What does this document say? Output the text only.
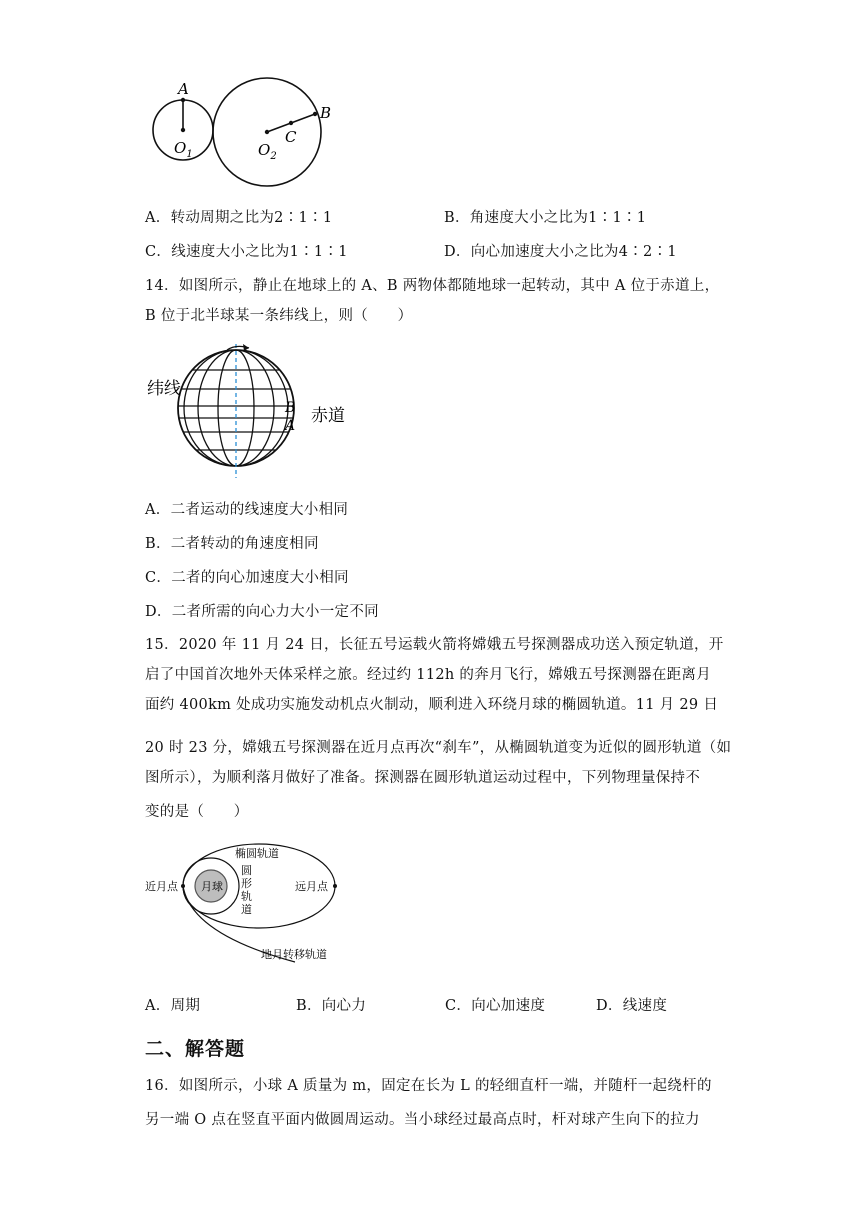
A
$O_1$	$O_2$
C
B
A．转动周期之比为2∶1∶1	B．角速度大小之比为1∶1∶1
C．线速度大小之比为1∶1∶1	D．向心加速度大小之比为4∶2∶1
14．如图所示，静止在地球上的 A、B 两物体都随地球一起转动，其中 A 位于赤道上，
B 位于北半球某一条纬线上，则（　　）
纬线
赤道
B
A
A．二者运动的线速度大小相同
B．二者转动的角速度相同
C．二者的向心加速度大小相同
D．二者所需的向心力大小一定不同
15．2020 年 11 月 24 日，长征五号运载火箭将嫦娥五号探测器成功送入预定轨道，开
启了中国首次地外天体采样之旅。经过约 112h 的奔月飞行，嫦娥五号探测器在距离月
面约 400km 处成功实施发动机点火制动，顺利进入环绕月球的椭圆轨道。11 月 29 日
20 时 23 分，嫦娥五号探测器在近月点再次“刹车”，从椭圆轨道变为近似的圆形轨道（如
图所示），为顺利落月做好了准备。探测器在圆形轨道运动过程中，下列物理量保持不
变的是（　　）
椭圆轨道
近月点 月球
圆
形
轨
道
远月点
地月转移轨道
A．周期	B．向心力	C．向心加速度	D．线速度
二、解答题
16．如图所示，小球 A 质量为 m，固定在长为 L 的轻细直杆一端，并随杆一起绕杆的
另一端 O 点在竖直平面内做圆周运动。当小球经过最高点时，杆对球产生向下的拉力
